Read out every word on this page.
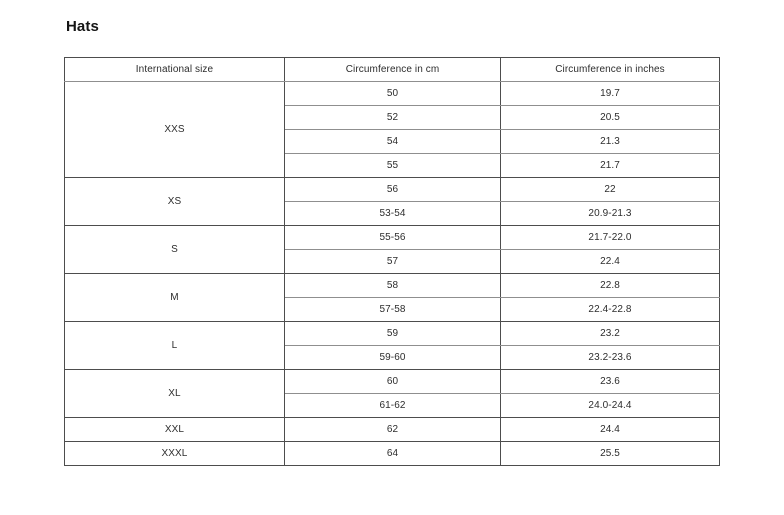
Hats
International size	Circumference in cm	Circumference in inches
XXS	50	19.7
	52	20.5
	54	21.3
	55	21.7
XS	56	22
	53-54	20.9-21.3
S	55-56	21.7-22.0
	57	22.4
M	58	22.8
	57-58	22.4-22.8
L	59	23.2
	59-60	23.2-23.6
XL	60	23.6
	61-62	24.0-24.4
XXL	62	24.4
XXXL	64	25.5
